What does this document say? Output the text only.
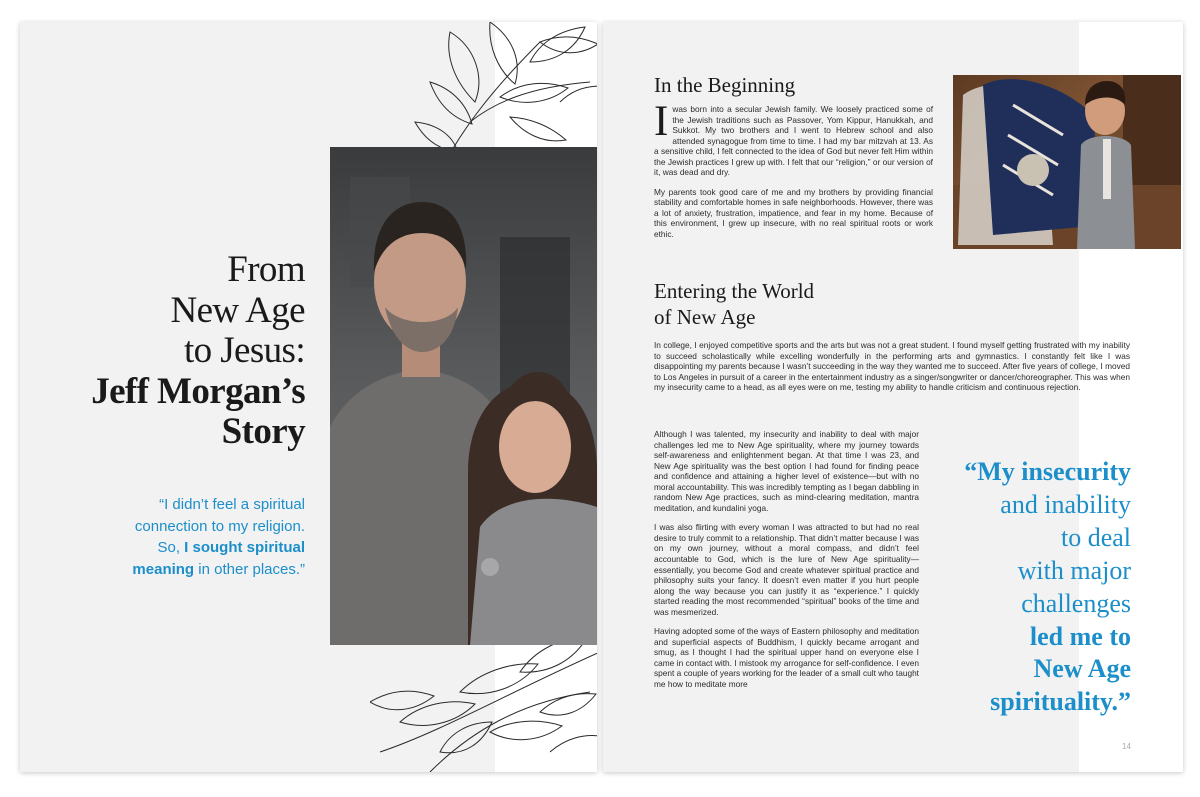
From
New Age
to Jesus:
Jeff Morgan’s
Story
“I didn’t feel a spiritual
connection to my religion.
So, I sought spiritual
meaning in other places.”
In the Beginning

Iwas born into a secular Jewish family. We loosely practiced some of the Jewish traditions such as Passover, Yom Kippur, Hanukkah, and Sukkot. My two brothers and I went to Hebrew school and also attended synagogue from time to time. I had my bar mitzvah at 13. As a sensitive child, I felt connected to the idea of God but never felt Him within the Jewish practices I grew up with. I felt that our “religion,” or our version of it, was dead and dry.

My parents took good care of me and my brothers by providing financial stability and comfortable homes in safe neighborhoods. However, there was a lot of anxiety, frustration, impatience, and fear in my home. Because of this environment, I grew up insecure, with no real spiritual roots or work ethic.

Entering the World
of New Age

In college, I enjoyed competitive sports and the arts but was not a great student. I found myself getting frustrated with my inability to succeed scholastically while excelling wonderfully in the performing arts and gymnastics. I constantly felt like I was disappointing my parents because I wasn’t succeeding in the way they wanted me to succeed. After five years of college, I moved to Los Angeles in pursuit of a career in the entertainment industry as a singer/songwriter or dancer/choreographer. This was when my insecurity came to a head, as all eyes were on me, testing my ability to handle criticism and continuous rejection.

Although I was talented, my insecurity and inability to deal with major challenges led me to New Age spirituality, where my journey towards self-awareness and enlightenment began. At that time I was 23, and New Age spirituality was the best option I had found for finding peace and confidence and attaining a higher level of existence—but with no moral accountability. This was incredibly tempting as I began dabbling in random New Age practices, such as mind-clearing meditation, mantra meditation, and kundalini yoga.

I was also flirting with every woman I was attracted to but had no real desire to truly commit to a relationship. That didn’t matter because I was on my own journey, without a moral compass, and didn’t feel accountable to God, which is the lure of New Age spirituality—essentially, you become God and create whatever spiritual practice and philosophy suits your fancy. It doesn’t even matter if you hurt people along the way because you can justify it as “experience.” I quickly started reading the most recommended “spiritual” books of the time and was mesmerized.

Having adopted some of the ways of Eastern philosophy and meditation and superficial aspects of Buddhism, I quickly became arrogant and smug, as I thought I had the spiritual upper hand on everyone else I came in contact with. I mistook my arrogance for self-confidence. I even spent a couple of years working for the leader of a small cult who taught me how to meditate more

“My insecurity
and inability
to deal
with major
challenges
led me to
New Age
spirituality.”
14
